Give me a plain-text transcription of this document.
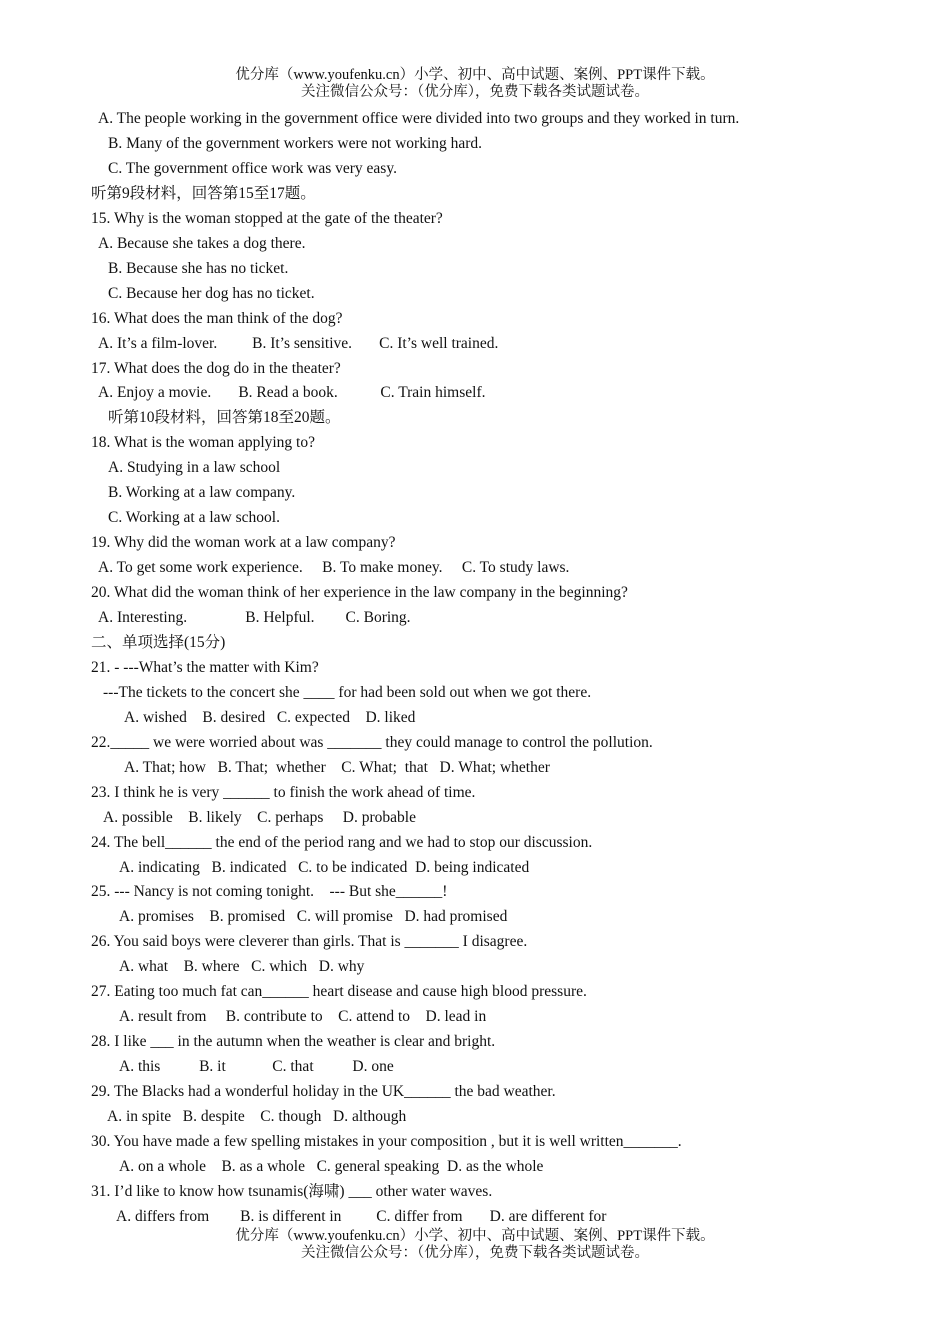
优分库（www.youfenku.cn）小学、初中、高中试题、案例、PPT课件下载。
关注微信公众号：（优分库），免费下载各类试题试卷。
A. The people working in the government office were divided into two groups and they worked in turn.
B. Many of the government workers were not working hard.
C. The government office work was very easy.
听第9段材料，回答第15至17题。
15. Why is the woman stopped at the gate of the theater?
A. Because she takes a dog there.
B. Because she has no ticket.
C. Because her dog has no ticket.
16. What does the man think of the dog?
A. It’s a film-lover.         B. It’s sensitive.       C. It’s well trained.
17. What does the dog do in the theater?
A. Enjoy a movie.       B. Read a book.           C. Train himself.
听第10段材料，回答第18至20题。
18. What is the woman applying to?
A. Studying in a law school
B. Working at a law company.
C. Working at a law school.
19. Why did the woman work at a law company?
A. To get some work experience.     B. To make money.     C. To study laws.
20. What did the woman think of her experience in the law company in the beginning?
A. Interesting.               B. Helpful.        C. Boring.
二、单项选择(15分)
21. - ---What’s the matter with Kim?
---The tickets to the concert she ____ for had been sold out when we got there.
A. wished    B. desired   C. expected    D. liked
22._____ we were worried about was _______ they could manage to control the pollution.
A. That; how   B. That;  whether    C. What;  that   D. What; whether
23. I think he is very ______ to finish the work ahead of time.
A. possible    B. likely    C. perhaps     D. probable
24. The bell______ the end of the period rang and we had to stop our discussion.
A. indicating   B. indicated   C. to be indicated  D. being indicated
25. --- Nancy is not coming tonight.    --- But she______!
A. promises    B. promised   C. will promise   D. had promised
26. You said boys were cleverer than girls. That is _______ I disagree.
A. what    B. where   C. which   D. why
27. Eating too much fat can______ heart disease and cause high blood pressure.
A. result from     B. contribute to    C. attend to    D. lead in
28. I like ___ in the autumn when the weather is clear and bright.
A. this          B. it            C. that          D. one
29. The Blacks had a wonderful holiday in the UK______ the bad weather.
A. in spite   B. despite    C. though   D. although
30. You have made a few spelling mistakes in your composition , but it is well written_______.
A. on a whole    B. as a whole   C. general speaking  D. as the whole
31. I’d like to know how tsunamis(海啸) ___ other water waves.
A. differs from        B. is different in         C. differ from       D. are different for
优分库（www.youfenku.cn）小学、初中、高中试题、案例、PPT课件下载。
关注微信公众号：（优分库），免费下载各类试题试卷。
